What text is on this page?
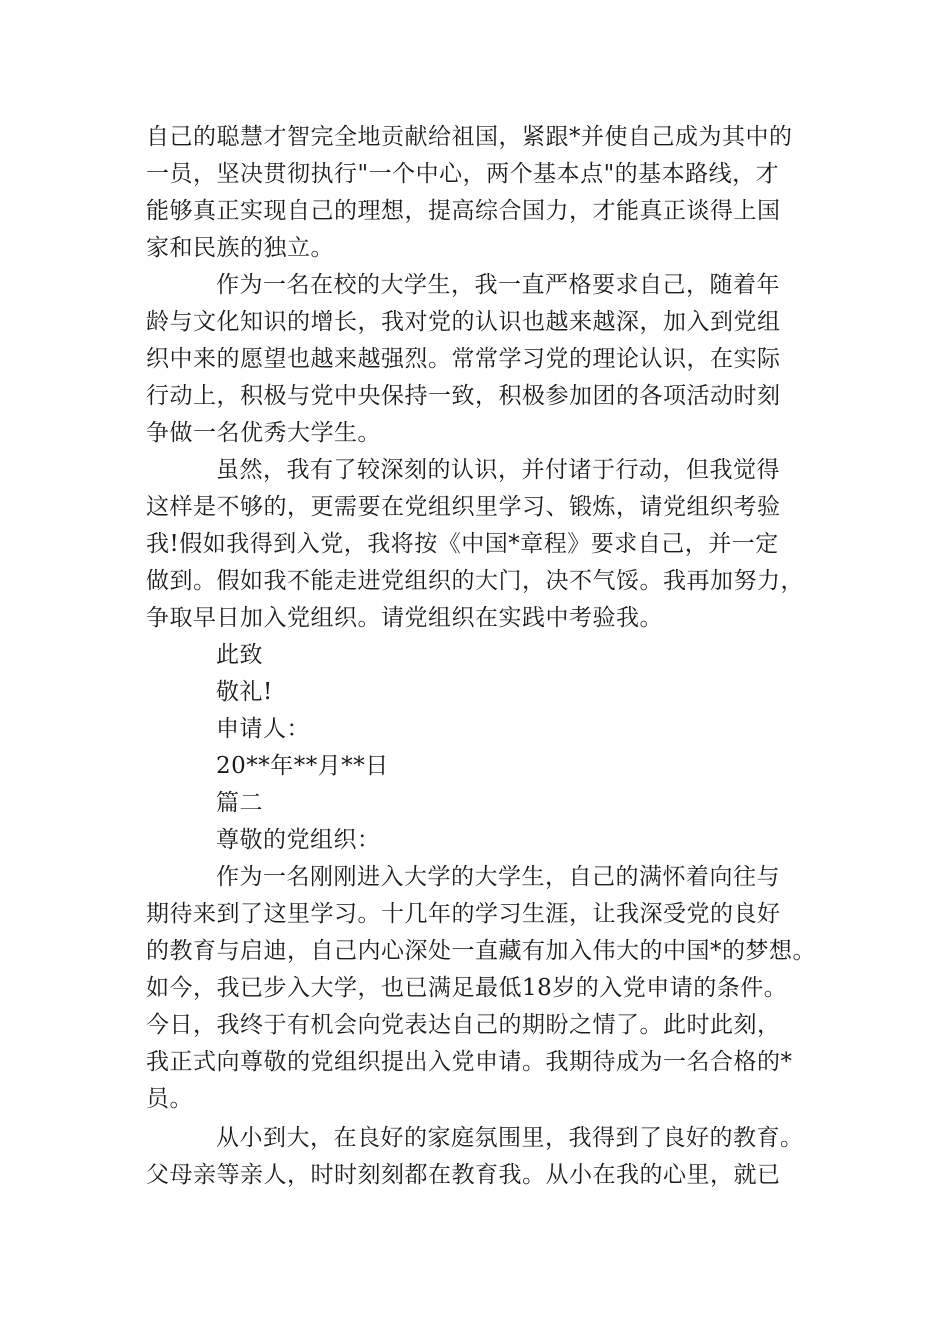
自己的聪慧才智完全地贡献给祖国，紧跟*并使自己成为其中的
一员，坚决贯彻执行"一个中心，两个基本点"的基本路线，才
能够真正实现自己的理想，提高综合国力，才能真正谈得上国
家和民族的独立。
作为一名在校的大学生，我一直严格要求自己，随着年
龄与文化知识的增长，我对党的认识也越来越深，加入到党组
织中来的愿望也越来越强烈。常常学习党的理论认识，在实际
行动上，积极与党中央保持一致，积极参加团的各项活动时刻
争做一名优秀大学生。
虽然，我有了较深刻的认识，并付诸于行动，但我觉得
这样是不够的，更需要在党组织里学习、锻炼，请党组织考验
我!假如我得到入党，我将按《中国*章程》要求自己，并一定
做到。假如我不能走进党组织的大门，决不气馁。我再加努力，
争取早日加入党组织。请党组织在实践中考验我。
此致
敬礼!
申请人：
20**年**月**日
篇二
尊敬的党组织：
作为一名刚刚进入大学的大学生，自己的满怀着向往与
期待来到了这里学习。十几年的学习生涯，让我深受党的良好
的教育与启迪，自己内心深处一直藏有加入伟大的中国*的梦想。
如今，我已步入大学，也已满足最低18岁的入党申请的条件。
今日，我终于有机会向党表达自己的期盼之情了。此时此刻，
我正式向尊敬的党组织提出入党申请。我期待成为一名合格的*
员。
从小到大，在良好的家庭氛围里，我得到了良好的教育。
父母亲等亲人，时时刻刻都在教育我。从小在我的心里，就已
